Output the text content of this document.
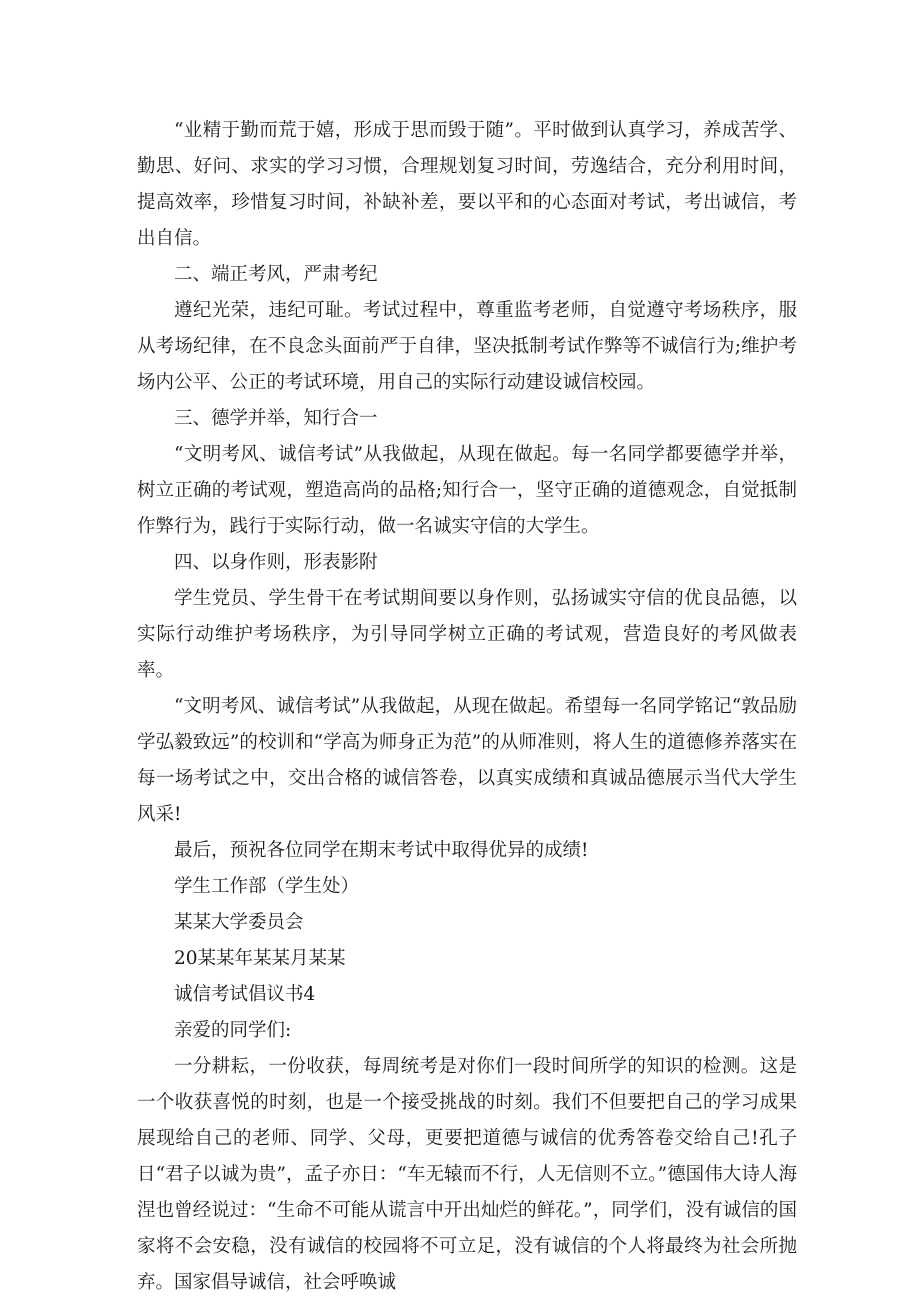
“业精于勤而荒于嬉，形成于思而毁于随”。平时做到认真学习，养成苦学、勤思、好问、求实的学习习惯，合理规划复习时间，劳逸结合，充分利用时间，提高效率，珍惜复习时间，补缺补差，要以平和的心态面对考试，考出诚信，考出自信。

二、端正考风，严肃考纪

遵纪光荣，违纪可耻。考试过程中，尊重监考老师，自觉遵守考场秩序，服从考场纪律，在不良念头面前严于自律，坚决抵制考试作弊等不诚信行为;维护考场内公平、公正的考试环境，用自己的实际行动建设诚信校园。

三、德学并举，知行合一

“文明考风、诚信考试”从我做起，从现在做起。每一名同学都要德学并举，树立正确的考试观，塑造高尚的品格;知行合一，坚守正确的道德观念，自觉抵制作弊行为，践行于实际行动，做一名诚实守信的大学生。

四、以身作则，形表影附

学生党员、学生骨干在考试期间要以身作则，弘扬诚实守信的优良品德，以实际行动维护考场秩序，为引导同学树立正确的考试观，营造良好的考风做表率。

“文明考风、诚信考试”从我做起，从现在做起。希望每一名同学铭记“敦品励学弘毅致远”的校训和“学高为师身正为范”的从师准则，将人生的道德修养落实在每一场考试之中，交出合格的诚信答卷，以真实成绩和真诚品德展示当代大学生风采!

最后，预祝各位同学在期末考试中取得优异的成绩!

学生工作部（学生处）

某某大学委员会

20某某年某某月某某

诚信考试倡议书4

亲爱的同学们:

一分耕耘，一份收获，每周统考是对你们一段时间所学的知识的检测。这是一个收获喜悦的时刻，也是一个接受挑战的时刻。我们不但要把自己的学习成果展现给自己的老师、同学、父母，更要把道德与诚信的优秀答卷交给自己!孔子日“君子以诚为贵”，孟子亦日：“车无辕而不行，人无信则不立。”德国伟大诗人海涅也曾经说过：“生命不可能从谎言中开出灿烂的鲜花。”，同学们，没有诚信的国家将不会安稳，没有诚信的校园将不可立足，没有诚信的个人将最终为社会所抛弃。国家倡导诚信，社会呼唤诚
